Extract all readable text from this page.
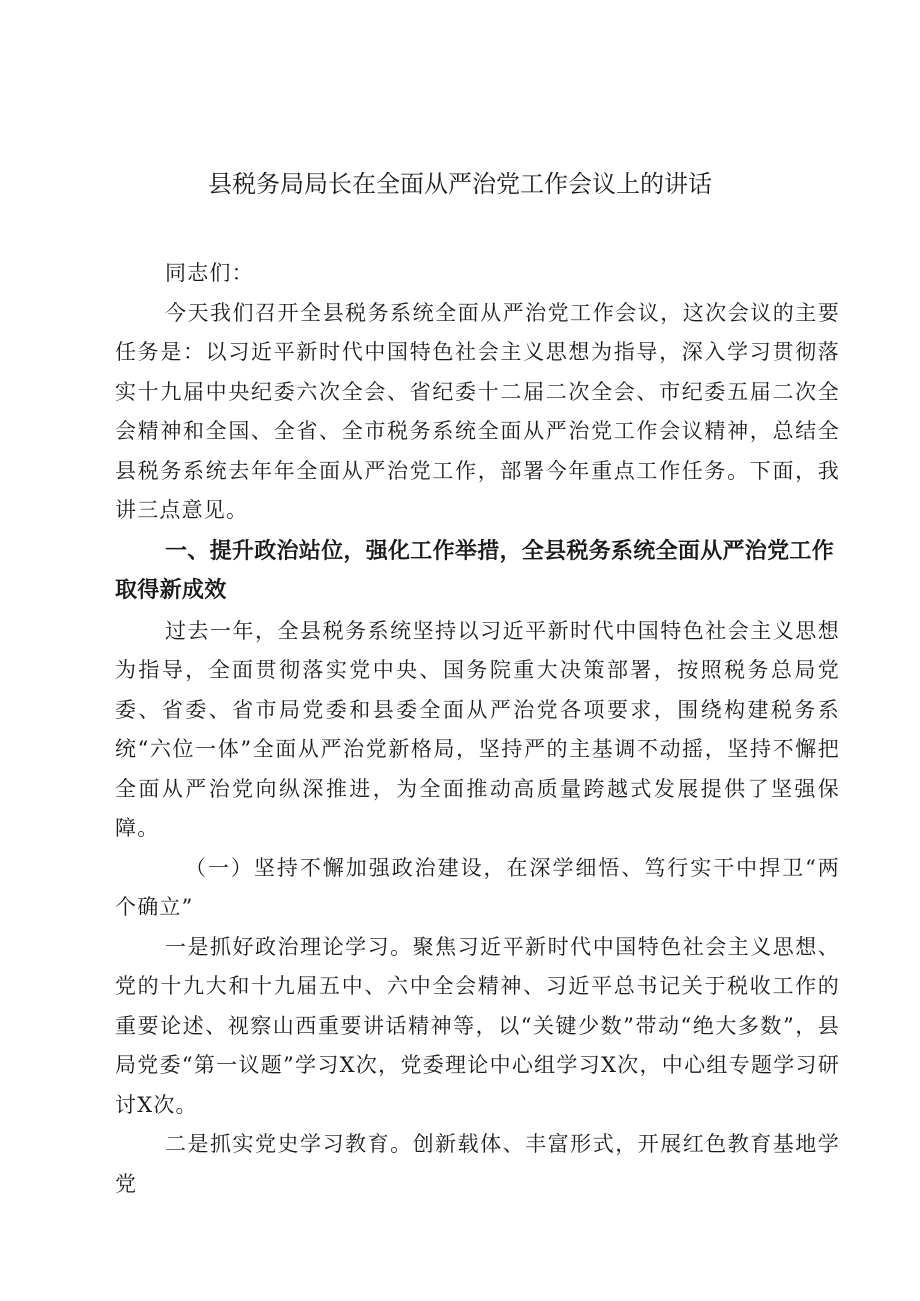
县税务局局长在全面从严治党工作会议上的讲话

同志们：

今天我们召开全县税务系统全面从严治党工作会议，这次会议的主要任务是：以习近平新时代中国特色社会主义思想为指导，深入学习贯彻落实十九届中央纪委六次全会、省纪委十二届二次全会、市纪委五届二次全会精神和全国、全省、全市税务系统全面从严治党工作会议精神，总结全县税务系统去年年全面从严治党工作，部署今年重点工作任务。下面，我讲三点意见。

一、提升政治站位，强化工作举措，全县税务系统全面从严治党工作取得新成效

过去一年，全县税务系统坚持以习近平新时代中国特色社会主义思想为指导，全面贯彻落实党中央、国务院重大决策部署，按照税务总局党委、省委、省市局党委和县委全面从严治党各项要求，围绕构建税务系统“六位一体”全面从严治党新格局，坚持严的主基调不动摇，坚持不懈把全面从严治党向纵深推进，为全面推动高质量跨越式发展提供了坚强保障。

（一）坚持不懈加强政治建设，在深学细悟、笃行实干中捍卫“两个确立”

一是抓好政治理论学习。聚焦习近平新时代中国特色社会主义思想、党的十九大和十九届五中、六中全会精神、习近平总书记关于税收工作的重要论述、视察山西重要讲话精神等，以“关键少数”带动“绝大多数”，县局党委“第一议题”学习X次，党委理论中心组学习X次，中心组专题学习研讨X次。

二是抓实党史学习教育。创新载体、丰富形式，开展红色教育基地学党
